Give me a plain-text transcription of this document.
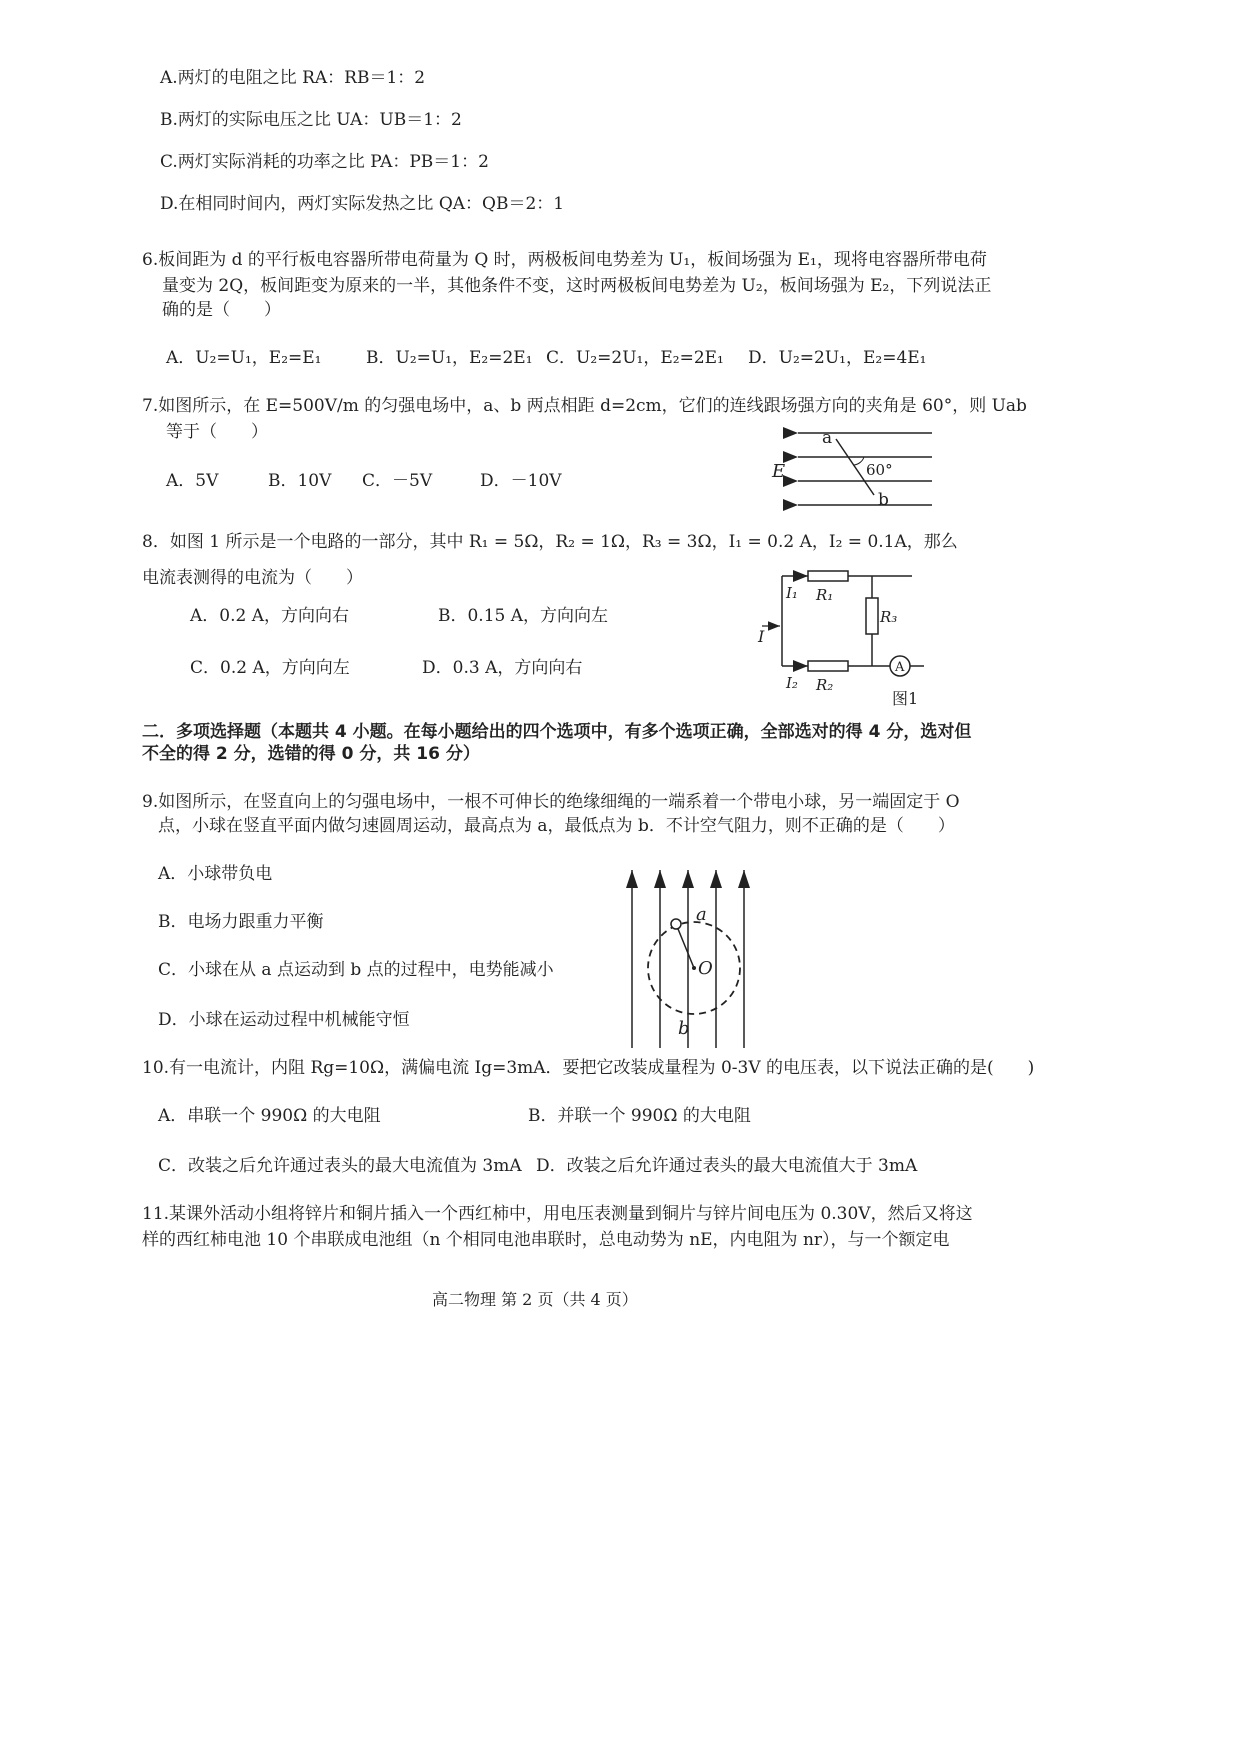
A.两灯的电阻之比 RA：RB＝1：2
B.两灯的实际电压之比 UA：UB＝1：2
C.两灯实际消耗的功率之比 PA：PB＝1：2
D.在相同时间内，两灯实际发热之比 QA：QB＝2：1
6.板间距为 d 的平行板电容器所带电荷量为 Q 时，两极板间电势差为 U₁，板间场强为 E₁，现将电容器所带电荷
量变为 2Q，板间距变为原来的一半，其他条件不变，这时两极板间电势差为 U₂，板间场强为 E₂，下列说法正
确的是（　　）
A．U₂=U₁，E₂=E₁	B．U₂=U₁，E₂=2E₁ C．U₂=2U₁，E₂=2E₁ D．U₂=2U₁，E₂=4E₁
7.如图所示，在 E=500V/m 的匀强电场中，a、b 两点相距 d=2cm，它们的连线跟场强方向的夹角是 60°，则 Uab
等于（　　）
A．5V	B．10V C．－5V	D．－10V
a
b
E	60°
8．如图 1 所示是一个电路的一部分，其中 R₁ = 5Ω，R₂ = 1Ω，R₃ = 3Ω，I₁ = 0.2 A，I₂ = 0.1A，那么
电流表测得的电流为（　　）
A．0.2 A，方向向右	B．0.15 A，方向向左
C．0.2 A，方向向左	D．0.3 A，方向向右
I
I₁ R₁
R₃
I₂ R₂
A
图1
二．多项选择题（本题共 4 小题。在每小题给出的四个选项中，有多个选项正确，全部选对的得 4 分，选对但
不全的得 2 分，选错的得 0 分，共 16 分）
9.如图所示，在竖直向上的匀强电场中，一根不可伸长的绝缘细绳的一端系着一个带电小球，另一端固定于 O
点，小球在竖直平面内做匀速圆周运动，最高点为 a，最低点为 b．不计空气阻力，则不正确的是（　　）
A．小球带负电
B．电场力跟重力平衡
C．小球在从 a 点运动到 b 点的过程中，电势能减小
D．小球在运动过程中机械能守恒
a
O
b
10.有一电流计，内阻 Rg=10Ω，满偏电流 Ig=3mA．要把它改装成量程为 0-3V 的电压表，以下说法正确的是(　　)
A．串联一个 990Ω 的大电阻	B．并联一个 990Ω 的大电阻
C．改装之后允许通过表头的最大电流值为 3mA D．改装之后允许通过表头的最大电流值大于 3mA
11.某课外活动小组将锌片和铜片插入一个西红柿中，用电压表测量到铜片与锌片间电压为 0.30V，然后又将这
样的西红柿电池 10 个串联成电池组（n 个相同电池串联时，总电动势为 nE，内电阻为 nr），与一个额定电
高二物理 第 2 页（共 4 页）
